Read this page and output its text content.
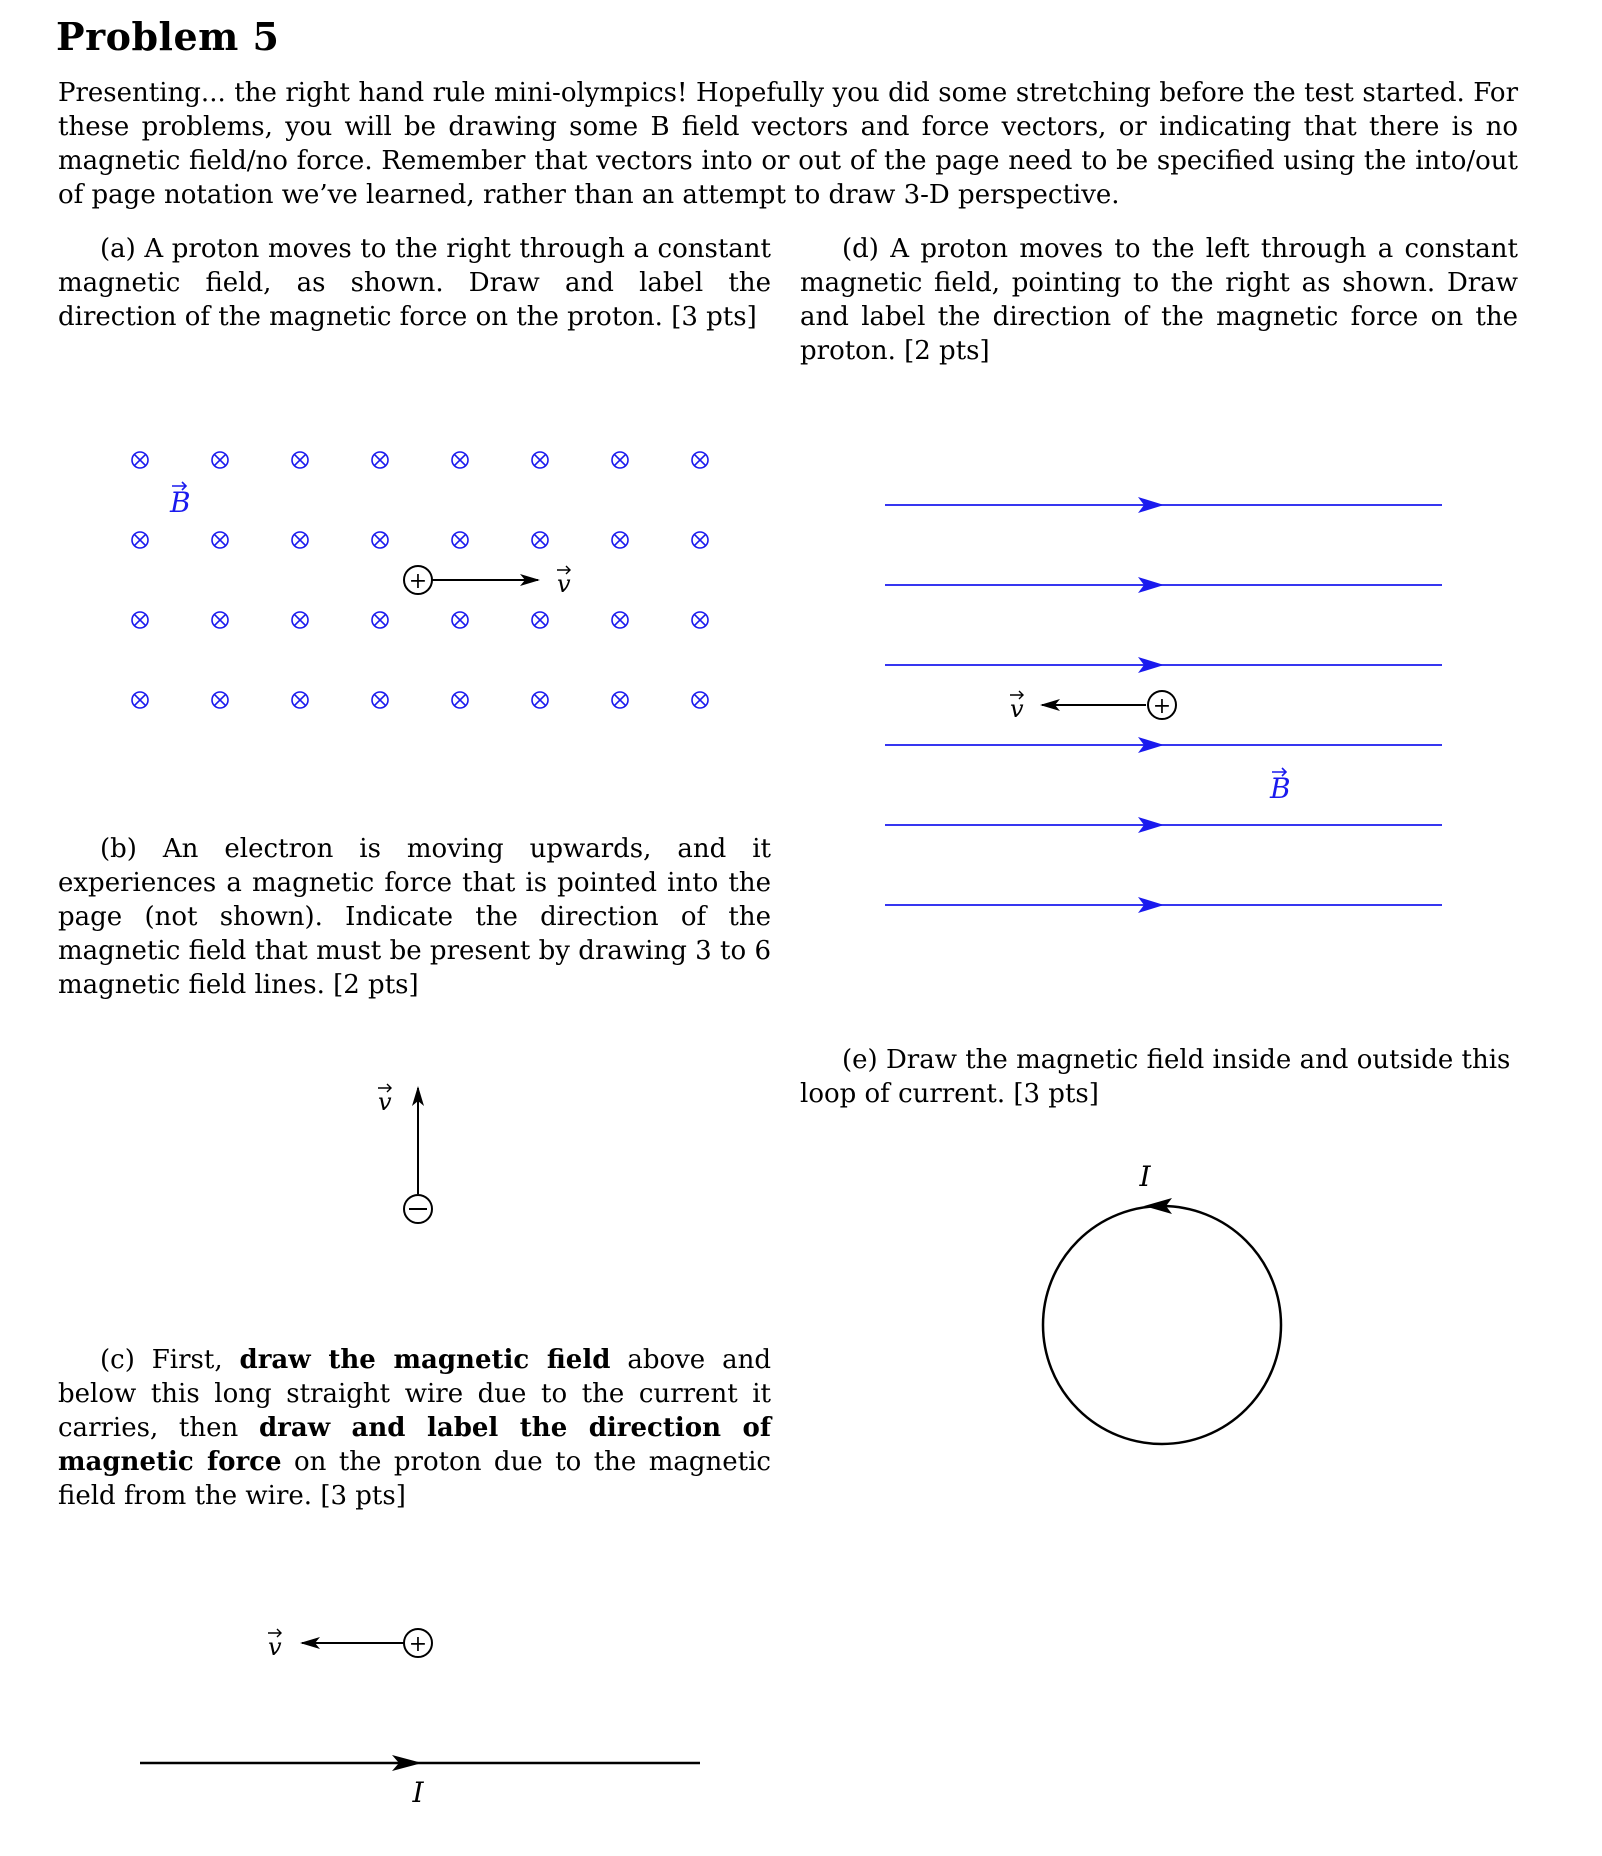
Problem 5
Presenting... the right hand rule mini-olympics! Hopefully you did some stretching before the test started. For these problems, you will be drawing some B field vectors and force vectors, or indicating that there is no magnetic field/no force. Remember that vectors into or out of the page need to be specified using the into/out of page notation we’ve learned, rather than an attempt to draw 3-D perspective.
(a) A proton moves to the right through a constant magnetic field, as shown. Draw and label the direction of the magnetic force on the proton. [3 pts]
(b) An electron is moving upwards, and it experiences a magnetic force that is pointed into the page (not shown). Indicate the direction of the magnetic field that must be present by drawing 3 to 6 magnetic field lines. [2 pts]
(c) First, draw the magnetic field above and below this long straight wire due to the current it carries, then draw and label the direction of magnetic force on the proton due to the magnetic field from the wire. [3 pts]
(d) A proton moves to the left through a constant magnetic field, pointing to the right as shown. Draw and label the direction of the magnetic force on the proton. [2 pts]
(e) Draw the magnetic field inside and outside this loop of current. [3 pts]
B
+	v
v
+
v
I
+
v
B
I
